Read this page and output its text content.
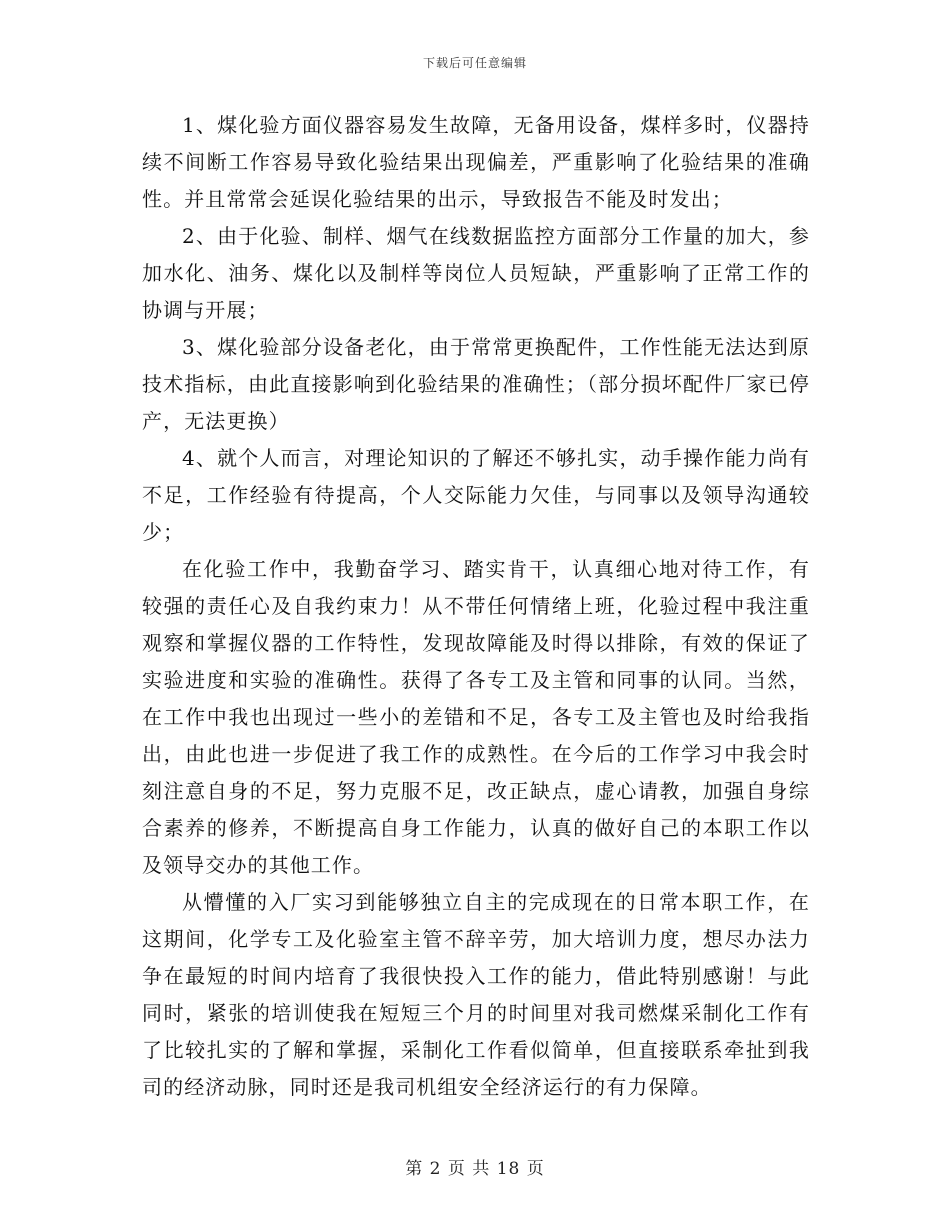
下载后可任意编辑

1、煤化验方面仪器容易发生故障，无备用设备，煤样多时，仪器持续不间断工作容易导致化验结果出现偏差，严重影响了化验结果的准确性。并且常常会延误化验结果的出示，导致报告不能及时发出；

2、由于化验、制样、烟气在线数据监控方面部分工作量的加大，参加水化、油务、煤化以及制样等岗位人员短缺，严重影响了正常工作的协调与开展；

3、煤化验部分设备老化，由于常常更换配件，工作性能无法达到原技术指标，由此直接影响到化验结果的准确性；（部分损坏配件厂家已停产，无法更换）

4、就个人而言，对理论知识的了解还不够扎实，动手操作能力尚有不足，工作经验有待提高，个人交际能力欠佳，与同事以及领导沟通较少；

在化验工作中，我勤奋学习、踏实肯干，认真细心地对待工作，有较强的责任心及自我约束力！从不带任何情绪上班，化验过程中我注重观察和掌握仪器的工作特性，发现故障能及时得以排除，有效的保证了实验进度和实验的准确性。获得了各专工及主管和同事的认同。当然，在工作中我也出现过一些小的差错和不足，各专工及主管也及时给我指出，由此也进一步促进了我工作的成熟性。在今后的工作学习中我会时刻注意自身的不足，努力克服不足，改正缺点，虚心请教，加强自身综合素养的修养，不断提高自身工作能力，认真的做好自己的本职工作以及领导交办的其他工作。

从懵懂的入厂实习到能够独立自主的完成现在的日常本职工作，在这期间，化学专工及化验室主管不辞辛劳，加大培训力度，想尽办法力争在最短的时间内培育了我很快投入工作的能力，借此特别感谢！与此同时，紧张的培训使我在短短三个月的时间里对我司燃煤采制化工作有了比较扎实的了解和掌握，采制化工作看似简单，但直接联系牵扯到我司的经济动脉，同时还是我司机组安全经济运行的有力保障。

第 2 页 共 18 页
